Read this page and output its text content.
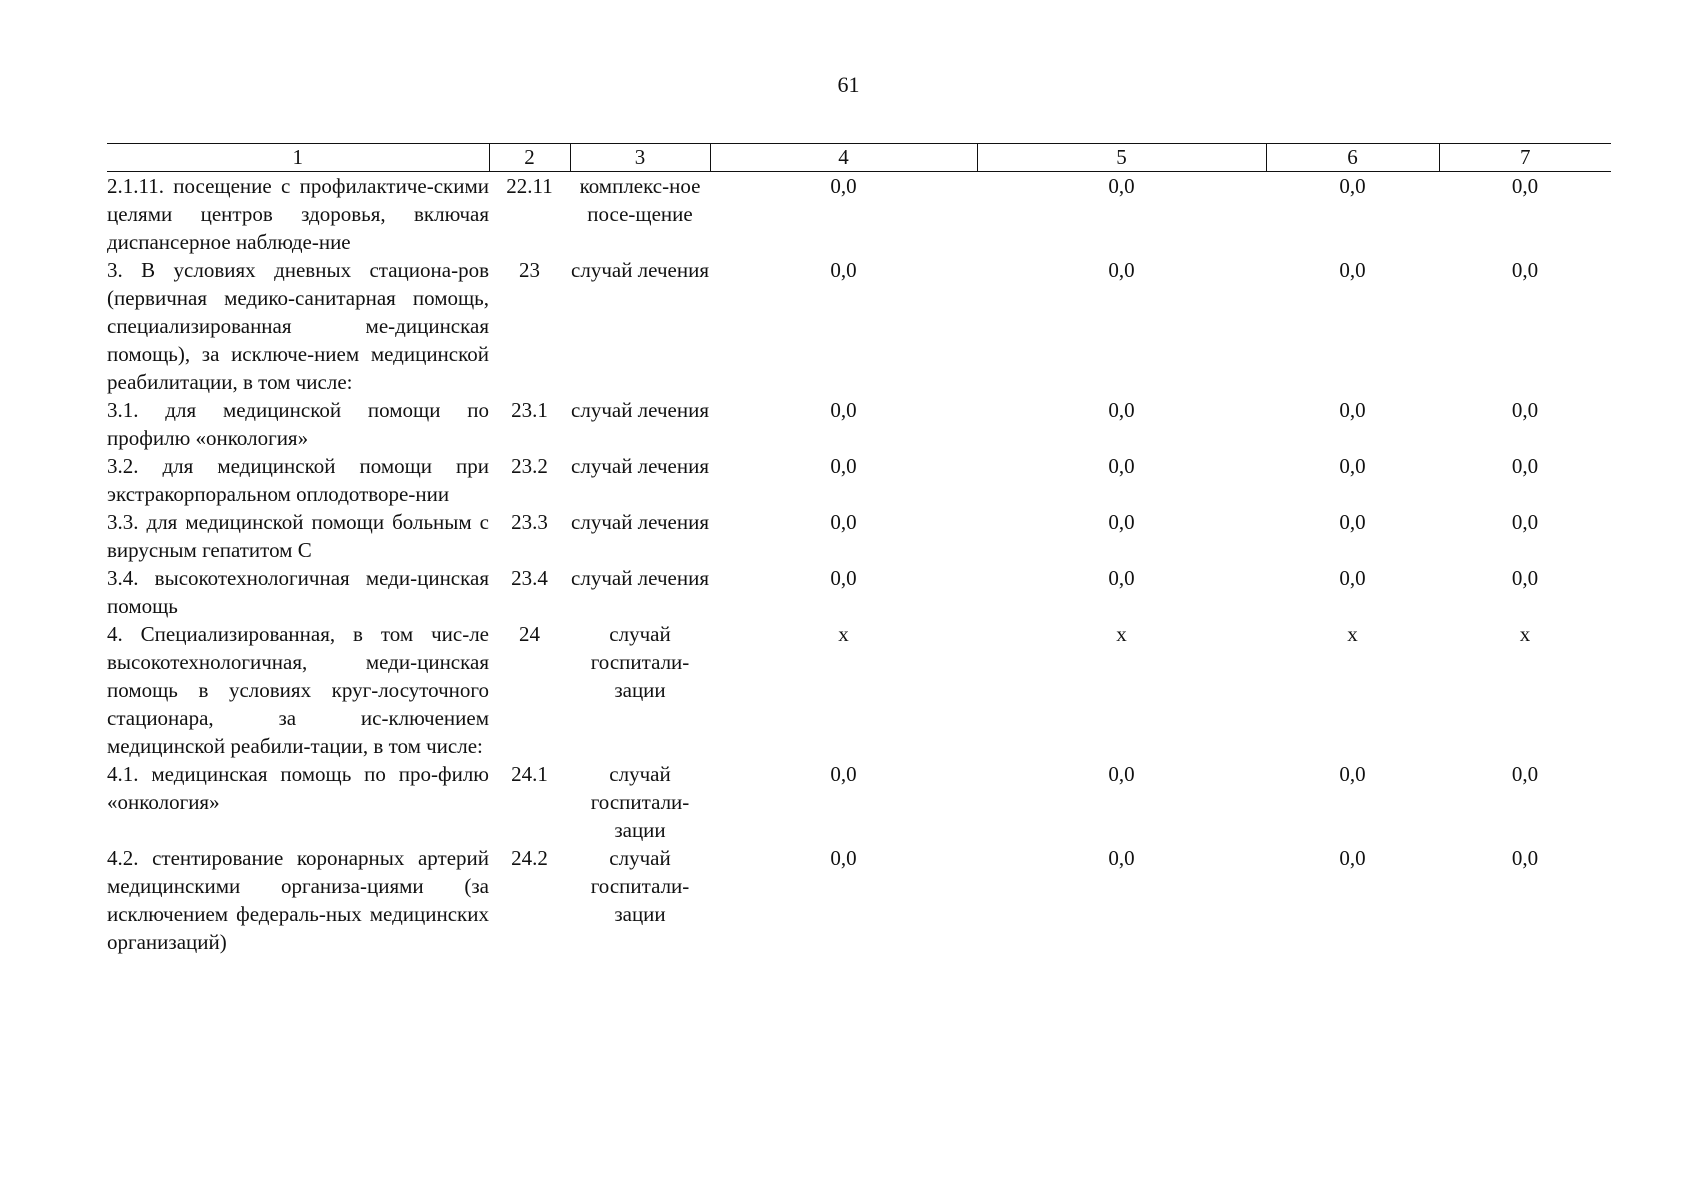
61
1	2	3	4	5	6	7
2.1.11. посещение с профилактиче-скими целями центров здоровья, включая диспансерное наблюде-ние	22.11	комплекс-ное посе-щение	0,0	0,0	0,0	0,0
3. В условиях дневных стациона-ров (первичная медико-санитарная помощь, специализированная ме-дицинская помощь), за исключе-нием медицинской реабилитации, в том числе:	23	случай лечения	0,0	0,0	0,0	0,0
3.1. для медицинской помощи по профилю «онкология»	23.1	случай лечения	0,0	0,0	0,0	0,0
3.2. для медицинской помощи при экстракорпоральном оплодотворе-нии	23.2	случай лечения	0,0	0,0	0,0	0,0
3.3. для медицинской помощи больным с вирусным гепатитом С	23.3	случай лечения	0,0	0,0	0,0	0,0
3.4. высокотехнологичная меди-цинская помощь	23.4	случай лечения	0,0	0,0	0,0	0,0
4. Специализированная, в том чис-ле высокотехнологичная, меди-цинская помощь в условиях круг-лосуточного стационара, за ис-ключением медицинской реабили-тации, в том числе:	24	случай госпитали-зации	x	x	x	x
4.1. медицинская помощь по про-филю «онкология»	24.1	случай госпитали-зации	0,0	0,0	0,0	0,0
4.2. стентирование коронарных артерий медицинскими организа-циями (за исключением федераль-ных медицинских организаций)	24.2	случай госпитали-зации	0,0	0,0	0,0	0,0
